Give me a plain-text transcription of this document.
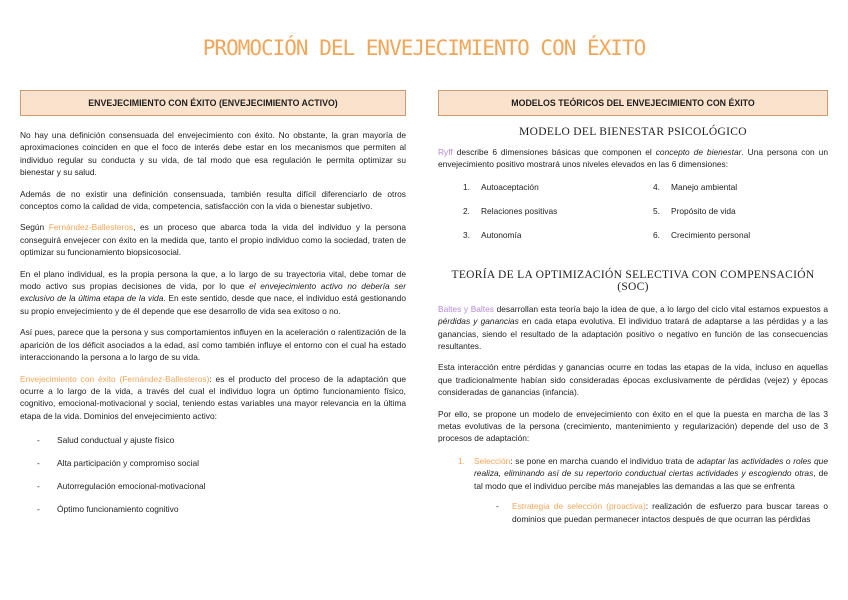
PROMOCIÓN DEL ENVEJECIMIENTO CON ÉXITO
ENVEJECIMIENTO CON ÉXITO (ENVEJECIMIENTO ACTIVO)

No hay una definición consensuada del envejecimiento con éxito. No obstante, la gran mayoría de aproximaciones coinciden en que el foco de interés debe estar en los mecanismos que permiten al individuo regular su conducta y su vida, de tal modo que esa regulación le permita optimizar su bienestar y su salud.

Además de no existir una definición consensuada, también resulta difícil diferenciarlo de otros conceptos como la calidad de vida, competencia, satisfacción con la vida o bienestar subjetivo.

Según Fernández-Ballesteros, es un proceso que abarca toda la vida del individuo y la persona conseguirá envejecer con éxito en la medida que, tanto el propio individuo como la sociedad, traten de optimizar su funcionamiento biopsicosocial.

En el plano individual, es la propia persona la que, a lo largo de su trayectoria vital, debe tomar de modo activo sus propias decisiones de vida, por lo que el envejecimiento activo no debería ser exclusivo de la última etapa de la vida. En este sentido, desde que nace, el individuo está gestionando su propio envejecimiento y de él depende que ese desarrollo de vida sea exitoso o no.

Así pues, parece que la persona y sus comportamientos influyen en la aceleración o ralentización de la aparición de los déficit asociados a la edad, así como también influye el entorno con el cual ha estado interaccionando la persona a lo largo de su vida.

Envejecimiento con éxito (Fernández-Ballesteros): es el producto del proceso de la adaptación que ocurre a lo largo de la vida, a través del cual el individuo logra un óptimo funcionamiento físico, cognitivo, emocional-motivacional y social, teniendo estas variables una mayor relevancia en la última etapa de la vida. Dominios del envejecimiento activo:

- Salud conductual y ajuste físico
- Alta participación y compromiso social
- Autorregulación emocional-motivacional
- Óptimo funcionamiento cognitivo
MODELOS TEÓRICOS DEL ENVEJECIMIENTO CON ÉXITO
MODELO DEL BIENESTAR PSICOLÓGICO

Ryff describe 6 dimensiones básicas que componen el concepto de bienestar. Una persona con un envejecimiento positivo mostrará unos niveles elevados en las 6 dimensiones:

1. Autoaceptación
2. Relaciones positivas
3. Autonomía
4. Manejo ambiental
5. Propósito de vida
6. Crecimiento personal
TEORÍA DE LA OPTIMIZACIÓN SELECTIVA CON COMPENSACIÓN (SOC)

Baltes y Baltes desarrollan esta teoría bajo la idea de que, a lo largo del ciclo vital estamos expuestos a pérdidas y ganancias en cada etapa evolutiva. El individuo tratará de adaptarse a las pérdidas y a las ganancias, siendo el resultado de la adaptación positivo o negativo en función de las consecuencias resultantes.

Esta interacción entre pérdidas y ganancias ocurre en todas las etapas de la vida, incluso en aquellas que tradicionalmente habían sido consideradas épocas exclusivamente de pérdidas (vejez) y épocas consideradas de ganancias (infancia).

Por ello, se propone un modelo de envejecimiento con éxito en el que la puesta en marcha de las 3 metas evolutivas de la persona (crecimiento, mantenimiento y regularización) depende del uso de 3 procesos de adaptación:

1. Selección: se pone en marcha cuando el individuo trata de adaptar las actividades o roles que realiza, eliminando así de su repertorio conductual ciertas actividades y escogiendo otras, de tal modo que el individuo percibe más manejables las demandas a las que se enfrenta

- Estrategia de selección (proactiva): realización de esfuerzo para buscar tareas o dominios que puedan permanecer intactos después de que ocurran las pérdidas
